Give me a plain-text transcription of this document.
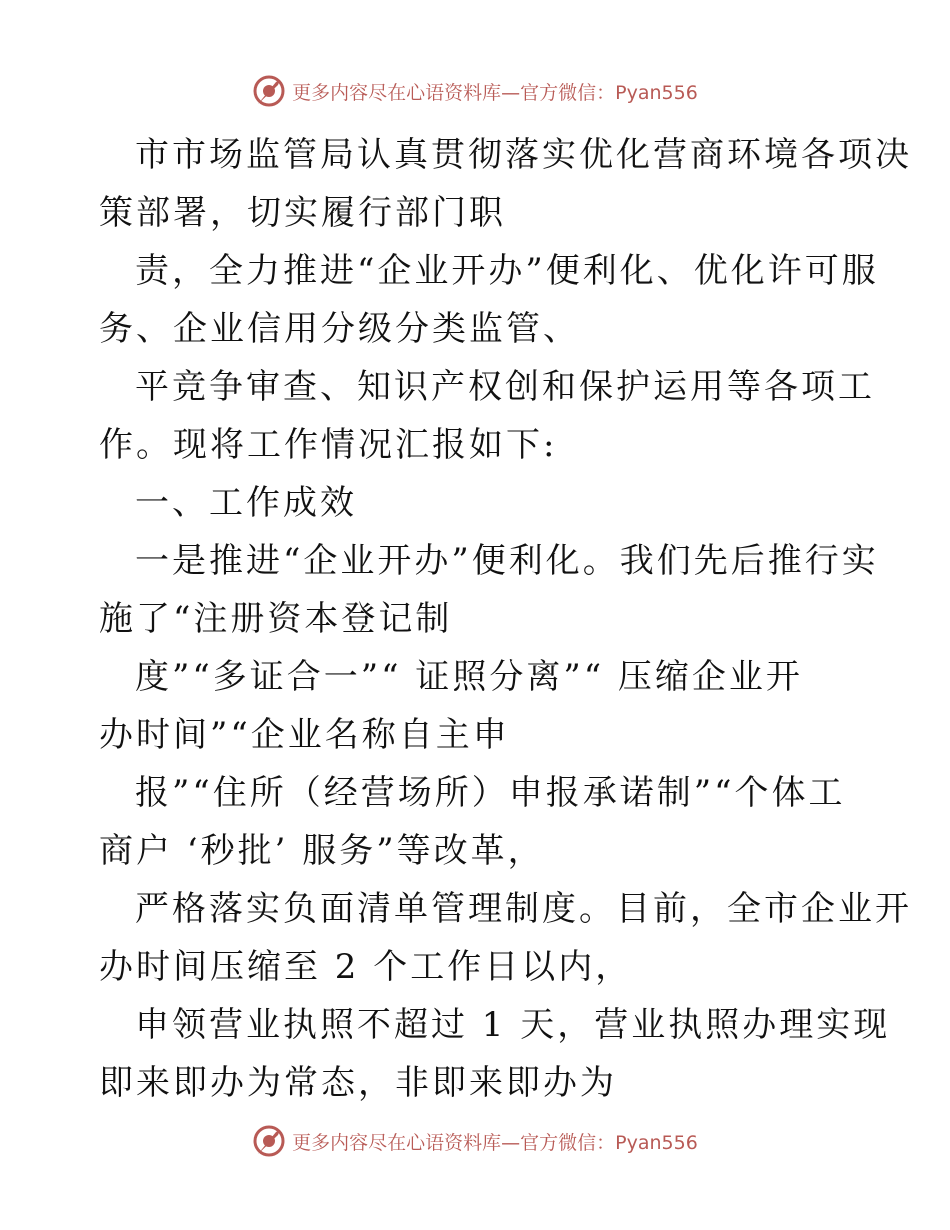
更多内容尽在心语资料库—官方微信：Pyan556

市市场监管局认真贯彻落实优化营商环境各项决
策部署，切实履行部门职

责，全力推进“企业开办”便利化、优化许可服
务、企业信用分级分类监管、

平竞争审查、知识产权创和保护运用等各项工
作。现将工作情况汇报如下:

一、工作成效

一是推进“企业开办”便利化。我们先后推行实
施了“注册资本登记制

度”“多证合一”“ 证照分离”“ 压缩企业开
办时间”“企业名称自主申

报”“住所（经营场所）申报承诺制”“个体工
商户 ‘秒批’ 服务”等改革，

严格落实负面清单管理制度。目前，全市企业开
办时间压缩至 2 个工作日以内，

申领营业执照不超过 1 天，营业执照办理实现
即来即办为常态，非即来即办为

更多内容尽在心语资料库—官方微信：Pyan556
